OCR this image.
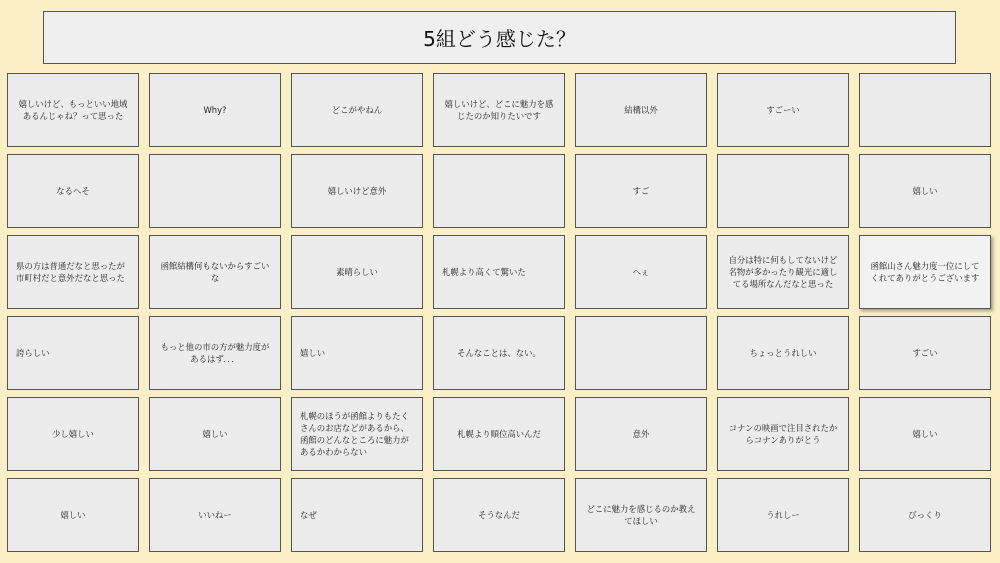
5組どう感じた？
嬉しいけど、もっといい地域あるんじゃね？って思った
Why?	どこがやねん
嬉しいけど、どこに魅力を感じたのか知りたいです
結構以外	すごーい
なるへそ	嬉しいけど意外	すご	嬉しい
県の方は普通だなと思ったが市町村だと意外だなと思った
函館結構何もないからすごいな
素晴らしい	札幌より高くて驚いた	へぇ
自分は特に何もしてないけど名物が多かったり観光に適してる場所なんだなと思った
函館山さん魅力度一位にしてくれてありがとうございます
誇らしい
もっと他の市の方が魅力度があるはず．．．
嬉しい	そんなことは、ない。	ちょっとうれしい	すごい
少し嬉しい	嬉しい
札幌のほうが函館よりもたくさんのお店などがあるから、函館のどんなところに魅力があるかわからない
札幌より順位高いんだ	意外
コナンの映画で注目されたからコナンありがとう
嬉しい
嬉しい	いいねー	なぜ	そうなんだ
どこに魅力を感じるのか教えてほしい
うれしー	びっくり
